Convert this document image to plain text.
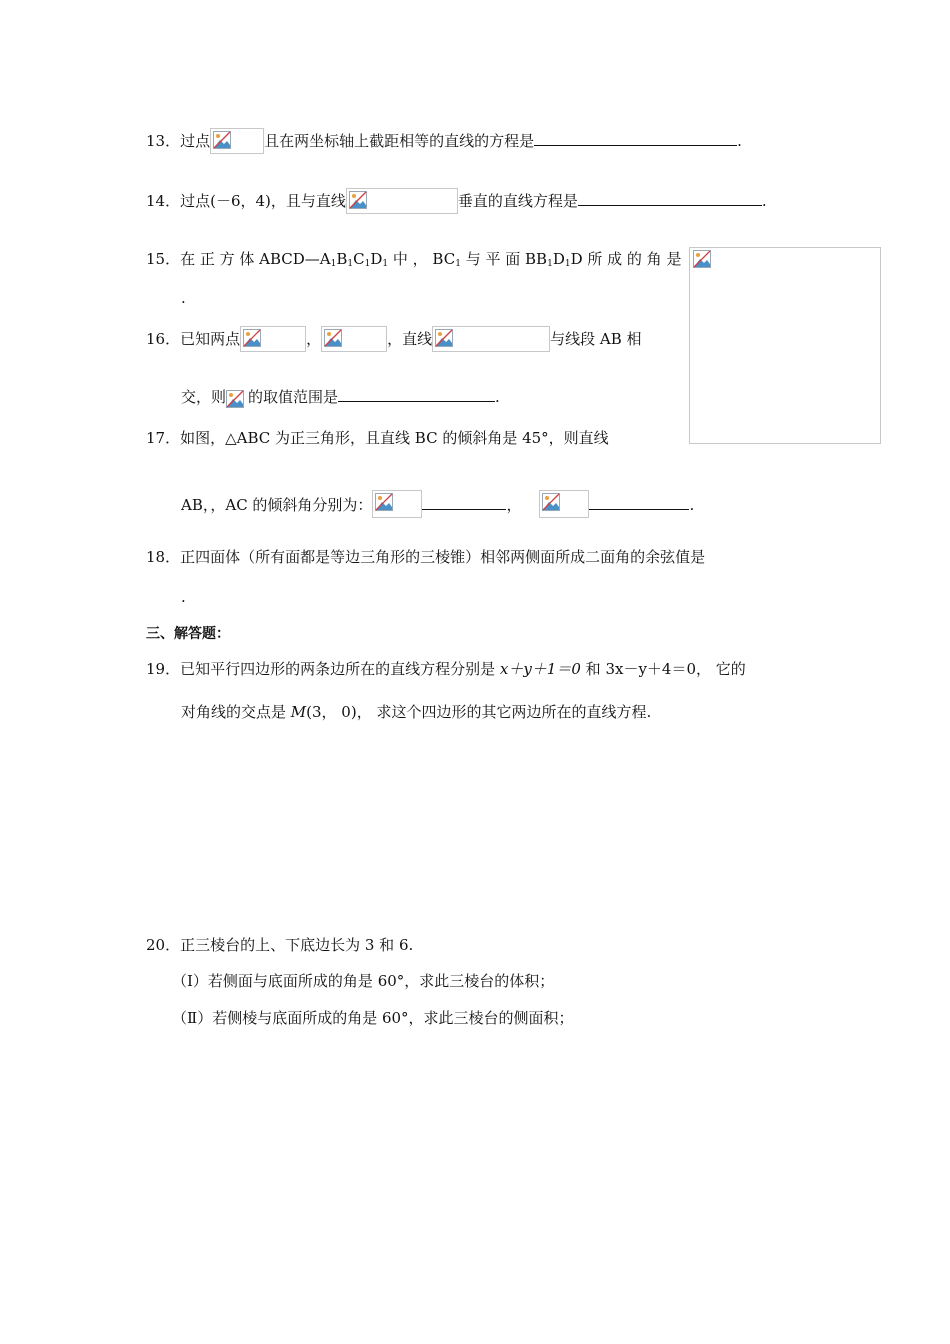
13．过点	且在两坐标轴上截距相等的直线的方程是	.
14．过点(－6，4)，且与直线	垂直的直线方程是	.
15．在 正 方 体 $ABCD—A_1B_1C_1D_1$ 中 ， $BC_1$ 与 平 面 $BB_1D_1D$ 所 成 的 角 是
.
16．已知两点	，	，直线	与线段 AB 相
交，则 的取值范围是	.
17．如图，△ABC 为正三角形，且直线 BC 的倾斜角是 45°，则直线
AB，，AC 的倾斜角分别为：	，	.
18．正四面体（所有面都是等边三角形的三棱锥）相邻两侧面所成二面角的余弦值是
.
三、解答题：
19．已知平行四边形的两条边所在的直线方程分别是 x＋y＋1＝0 和 3x－y＋4＝0， 它的
对角线的交点是 M(3， 0)， 求这个四边形的其它两边所在的直线方程.
20．正三棱台的上、下底边长为 3 和 6.
（Ⅰ）若侧面与底面所成的角是 60°，求此三棱台的体积；
（Ⅱ）若侧棱与底面所成的角是 60°，求此三棱台的侧面积；
